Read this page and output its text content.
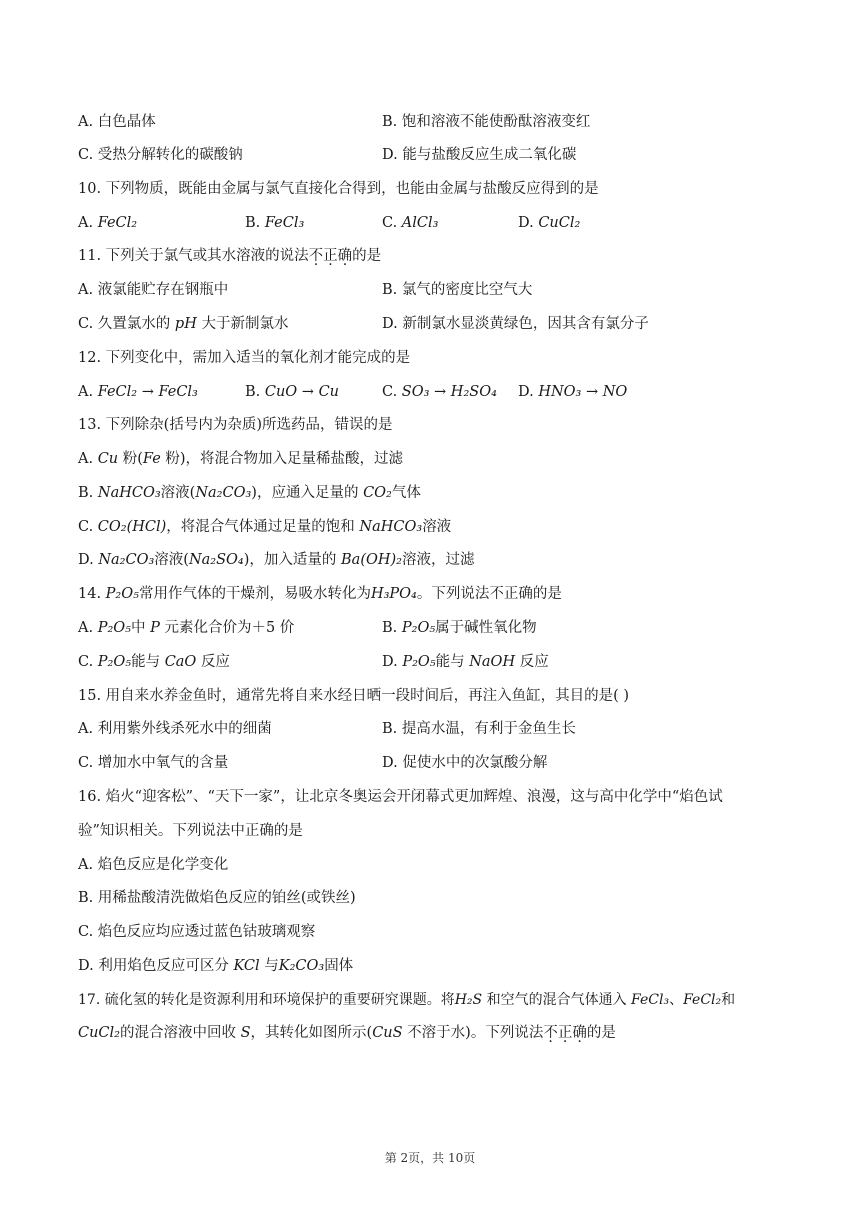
A. 白色晶体	B. 饱和溶液不能使酚酞溶液变红
C. 受热分解转化的碳酸钠	D. 能与盐酸反应生成二氧化碳
10. 下列物质，既能由金属与氯气直接化合得到，也能由金属与盐酸反应得到的是
A. FeCl₂	B. FeCl₃	C. AlCl₃	D. CuCl₂
11. 下列关于氯气或其水溶液的说法不正确的是
A. 液氯能贮存在钢瓶中	B. 氯气的密度比空气大
C. 久置氯水的 pH 大于新制氯水	D. 新制氯水显淡黄绿色，因其含有氯分子
12. 下列变化中，需加入适当的氧化剂才能完成的是
A. FeCl₂ → FeCl₃	B. CuO → Cu	C. SO₃ → H₂SO₄ D. HNO₃ → NO
13. 下列除杂(括号内为杂质)所选药品，错误的是
A. Cu 粉(Fe 粉)，将混合物加入足量稀盐酸，过滤
B. NaHCO₃溶液(Na₂CO₃)，应通入足量的 CO₂气体
C. CO₂(HCl)，将混合气体通过足量的饱和 NaHCO₃溶液
D. Na₂CO₃溶液(Na₂SO₄)，加入适量的 Ba(OH)₂溶液，过滤
14. P₂O₅常用作气体的干燥剂，易吸水转化为H₃PO₄。下列说法不正确的是
A. P₂O₅中 P 元素化合价为＋5 价	B. P₂O₅属于碱性氧化物
C. P₂O₅能与 CaO 反应	D. P₂O₅能与 NaOH 反应
15. 用自来水养金鱼时，通常先将自来水经日晒一段时间后，再注入鱼缸，其目的是( )
A. 利用紫外线杀死水中的细菌	B. 提高水温，有利于金鱼生长
C. 增加水中氧气的含量	D. 促使水中的次氯酸分解
16. 焰火“迎客松”、“天下一家”，让北京冬奥运会开闭幕式更加辉煌、浪漫，这与高中化学中“焰色试
验”知识相关。下列说法中正确的是
A. 焰色反应是化学变化
B. 用稀盐酸清洗做焰色反应的铂丝(或铁丝)
C. 焰色反应均应透过蓝色钴玻璃观察
D. 利用焰色反应可区分 KCl 与K₂CO₃固体
17. 硫化氢的转化是资源利用和环境保护的重要研究课题。将H₂S 和空气的混合气体通入 FeCl₃、FeCl₂和
CuCl₂的混合溶液中回收 S，其转化如图所示(CuS 不溶于水)。下列说法不正确的是
第 2页，共 10页
